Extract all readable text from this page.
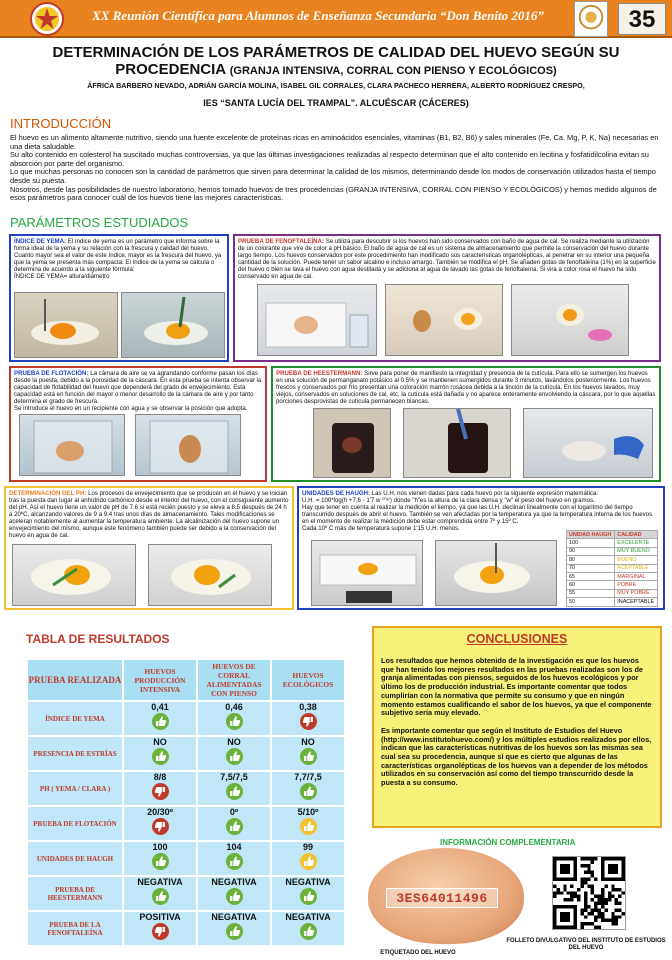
XX Reunión Científica para Alumnos de Enseñanza Secundaria “Don Benito 2016”	35
DETERMINACIÓN DE LOS PARÁMETROS DE CALIDAD DEL HUEVO SEGÚN SU PROCEDENCIA (GRANJA INTENSIVA, CORRAL CON PIENSO Y ECOLÓGICOS)
ÁFRICA BARBERO NEVADO, ADRIÁN GARCÍA MOLINA, ISABEL GIL CORRALES, CLARA PACHECO HERRERA, ALBERTO RODRÍGUEZ CRESPO,
IES “SANTA LUCÍA DEL TRAMPAL”. ALCUÉSCAR (CÁCERES)
INTRODUCCIÓN

El huevo es un alimento altamente nutritivo, siendo una fuente excelente de proteínas ricas en aminoácidos esenciales, vitaminas (B1, B2, B6) y sales minerales (Fe, Ca. Mg, P, K, Na) necesarias en una dieta saludable.

Su alto contenido en colesterol ha suscitado muchas controversias, ya que las últimas investigaciones realizadas al respecto determinan que el alto contenido en lecitina y fosfatidilcolina evitan su absorción por parte del organismo.

Lo que muchas personas no conocen son la cantidad de parámetros que sirven para determinar la calidad de los mismos, determinando desde los modos de conservación utilizados hasta el tiempo desde su puesta.

Nosotros, desde las posibilidades de nuestro laboratorio, hemos tomado huevos de tres procedencias (GRANJA INTENSIVA, CORRAL CON PIENSO Y ECOLÓGICOS) y hemos medido algunos de esos parámetros para conocer cuál de los huevos tiene las mejores características.

PARÁMETROS ESTUDIADOS
ÍNDICE DE YEMA: El índice de yema es un parámetro que informa sobre la forma ideal de la yema y su relación con la frescura y calidad del huevo. Cuanto mayor sea el valor de este índice, mayor es la frescura del huevo, ya que la yema se presenta más compacta. El índice de la yema se calcula o determina de acuerdo a la siguiente fórmula:
ÍNDICE DE YEMA= altura/diámetro
PRUEBA DE FENOFTALEÍNA: Se utiliza para descubrir si los huevos han sido conservados con baño de agua de cal. Se realiza mediante la utilización de un colorante que vire de color a pH básico. El baño de agua de cal es un sistema de almacenamiento que permite la conservación del huevo durante largo tiempo. Los huevos conservados por este procedimiento han modificado sus características organolépticas, al penetrar en su interior una pequeña cantidad de la solución. Puede tener un sabor alcalino e incluso amargo. También se modifica el pH. Se añaden gotas de fenoftaleína (1%) en la superficie del huevo o bien se lava el huevo con agua destilada y se adiciona al agua de lavado las gotas de fenoftaleína. Si vira a color rosa el huevo ha sido conservado en agua de cal.
PRUEBA DE FLOTACIÓN: La cámara de aire se va agrandando conforme pasan los días desde la puesta, debido a la porosidad de la cáscara. En esta prueba se intenta observar la capacidad de flotabilidad del huevo que dependerá del grado de envejecimiento. Esta capacidad está en función del mayor o menor desarrollo de la cámara de aire y por tanto determina el grado de frescura.
Se introduce el huevo en un recipiente con agua y se observar la posición que adopta.
PRUEBA DE HEESTERMANN: Sirve para poner de manifiesto la integridad y presencia de la cutícula. Para ello se sumergen los huevos en una solución de permanganato potásico al 0.5% y se mantienen sumergidos durante 3 minutos, lavándolos posteriormente. Los huevos frescos y conservados por frío presentan una coloración marrón rosácea debida a la tinción de la cutícula. En los huevos lavados, muy viejos, conservados en soluciones de cal, etc, la cutícula está dañada y no aparece enteramente envolviendo la cáscara, por lo que aquellas porciones desprovistas de cutícula permanecen blancas.
DETERMINACIÓN DEL PH: Los procesos de envejecimiento que se producen en el huevo y se inician tras la puesta dan lugar al anhídrido carbónico desde el interior del huevo, con el consiguiente aumento del pH. Así el huevo tiene un valor de pH de 7.6 si está recién puesto y se eleva a 8.5 después de 24 h a 20ºC, alcanzando valores de 9 a 9.4 tras unos días de almacenamiento. Tales modificaciones se aceleran notablemente al aumentar la temperatura ambiente. La alcalinización del huevo supone un envejecimiento del mismo, aunque este fenómeno también puede ser debido a la conservación del huevo en agua de cal.
UNIDADES DE HAUGH: Las U.H. nos vienen dadas para cada huevo por la siguiente expresión matemática:
U.H. = 100*log(h +7,6 - 1'7 w ⁰'³⁷) donde "h"es la altura de la clara densa y "w" el peso del huevo en gramos.
Hay que tener en cuenta al realizar la medición el tiempo, ya que las U.H. declinan linealmente con el logaritmo del tiempo transcurrido después de abrir el huevo. También se ven afectadas por la temperatura ya que la temperatura interna de los huevos en el momento de realizar la medición debe estar comprendida entre 7º y 15º C.
Cada 10º C más de temperatura supone 1'15 U.H. menos.
UNIDAD HAUGH	CALIDAD
100	EXCELENTE
90	MUY BUENO
80	BUENO
70	ACEPTABLE
65	MARGINAL
60	POBRE
55	MUY POBRE
50	INACEPTABLE
TABLA DE RESULTADOS
PRUEBA REALIZADA	HUEVOS PRODUCCIÓN INTENSIVA	HUEVOS DE CORRAL ALIMENTADAS CON PIENSO	HUEVOS ECOLÓGICOS
ÍNDICE DE YEMA	0,41	0,46	0,38

PRESENCIA DE ESTRÍAS	NO	NO	NO

PH ( YEMA / CLARA )	8/8	7,5/7,5	7,7/7,5

PRUEBA DE FLOTACIÓN	20/30º	0º	5/10º

UNIDADES DE HAUGH	100	104	99

PRUEBA DE HEESTERMANN	NEGATIVA	NEGATIVA	NEGATIVA

PRUEBA DE LA FENOFTALEÍNA	POSITIVA	NEGATIVA	NEGATIVA
CONCLUSIONES

Los resultados que hemos obtenido de la investigación es que los huevos que han tenido los mejores resultados en las pruebas realizadas son los de granja alimentadas con piensos, seguidos de los huevos ecológicos y por último los de producción industrial. Es importante comentar que todos cumplirían con la normativa que permite su consumo y que en ningún momento estamos cualificando el sabor de los huevos, ya que el componente subjetivo sería muy elevado.

Es importante comentar que según el Instituto de Estudios del Huevo (http://www.institutohuevo.com/) y los múltiples estudios realizados por ellos, indican que las características nutritivas de los huevos son las mismas sea cual sea su procedencia, aunque sí que es cierto que algunas de las características organolépticas de los huevos van a depender de los métodos utilizados en su conservación así como del tiempo transcurrido desde la puesta a su consumo.

INFORMACIÓN COMPLEMENTARIA
3ES64011496
ETIQUETADO DEL HUEVO
FOLLETO DIVULGATIVO DEL INSTITUTO DE ESTUDIOS DEL HUEVO
